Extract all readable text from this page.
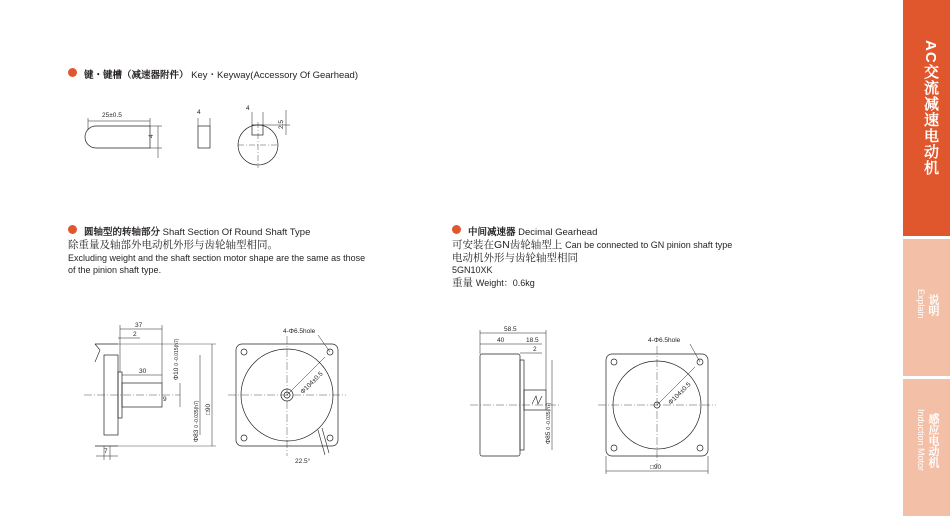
键・键槽（减速器附件） Key・Keyway(Accessory Of Gearhead)
圆轴型的转轴部分 Shaft Section Of Round Shaft Type
除重量及轴部外电动机外形与齿轮轴型相同。
Excluding weight and the shaft section motor shape are the same as those
of the pinion shaft type.
中间减速器 Decimal Gearhead
可安装在GN齿轮轴型上 Can be connected to GN pinion shaft type
电动机外形与齿轮轴型相同
5GN10XK
重量 Weight：0.6kg
25±0.5
4
4
4
2.5
37
2
30
9
Φ10 0 -0.015(h7)
Φ83 0 -0.035(h7) □90
7
Φ104±0.5
4-Φ6.5hole
22.5°
58.5
40	18.5
2
Φ85 0 -0.035(h7)
Φ104±0.5
4-Φ6.5hole
□90
AC交流减速电动机
说明
Explain
感应电动机
Induction Motor
